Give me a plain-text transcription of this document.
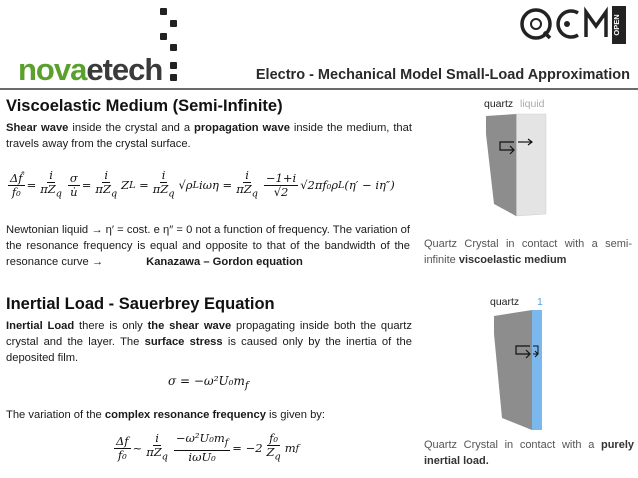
novaetech
OPEN
Electro - Mechanical Model Small-Load Approximation
Viscoelastic Medium (Semi-Infinite)
Shear wave inside the crystal and a propagation wave inside the medium, that travels away from the crystal surface.
$\frac{\Delta f̂}{\text{f₀}} = \frac{i}{\pi Z_q} \frac{\sigma}{u̇} = \frac{i}{\pi Z_q}$ Z $L = \frac{i}{\pi Z_q} √\rho$ L $i\omega\eta = \frac{i}{\pi Z_q} \frac{-1+i}{√2} √2\pi f_0\rho$ L (η′ − iη″)
Newtonian liquid → η′ = cost. e η″ = 0 not a function of frequency. The variation of the resonance frequency is equal and opposite to that of the bandwidth of the resonance curve →	Kanazawa – Gordon equation
quartz liquid
Quartz Crystal in contact with a semi-infinite viscoelastic medium
Inertial Load - Sauerbrey Equation
Inertial Load there is only the shear wave propagating inside both the quartz crystal and the layer. The surface stress is caused only by the inertia of the deposited film.
$\sigma = -\omega^2U_0m_f$
The variation of the complex resonance frequency is given by:
$\frac{\Delta f}{\text{f₀}}$ ~ $\frac{i}{\pi Z_q} \frac{-\omega^2U_0m_f}{\text{iωU₀}} = -2 \frac{\text{f₀}}{Z_q}$ m f
quartz 1
Quartz Crystal in contact with a purely inertial load.
